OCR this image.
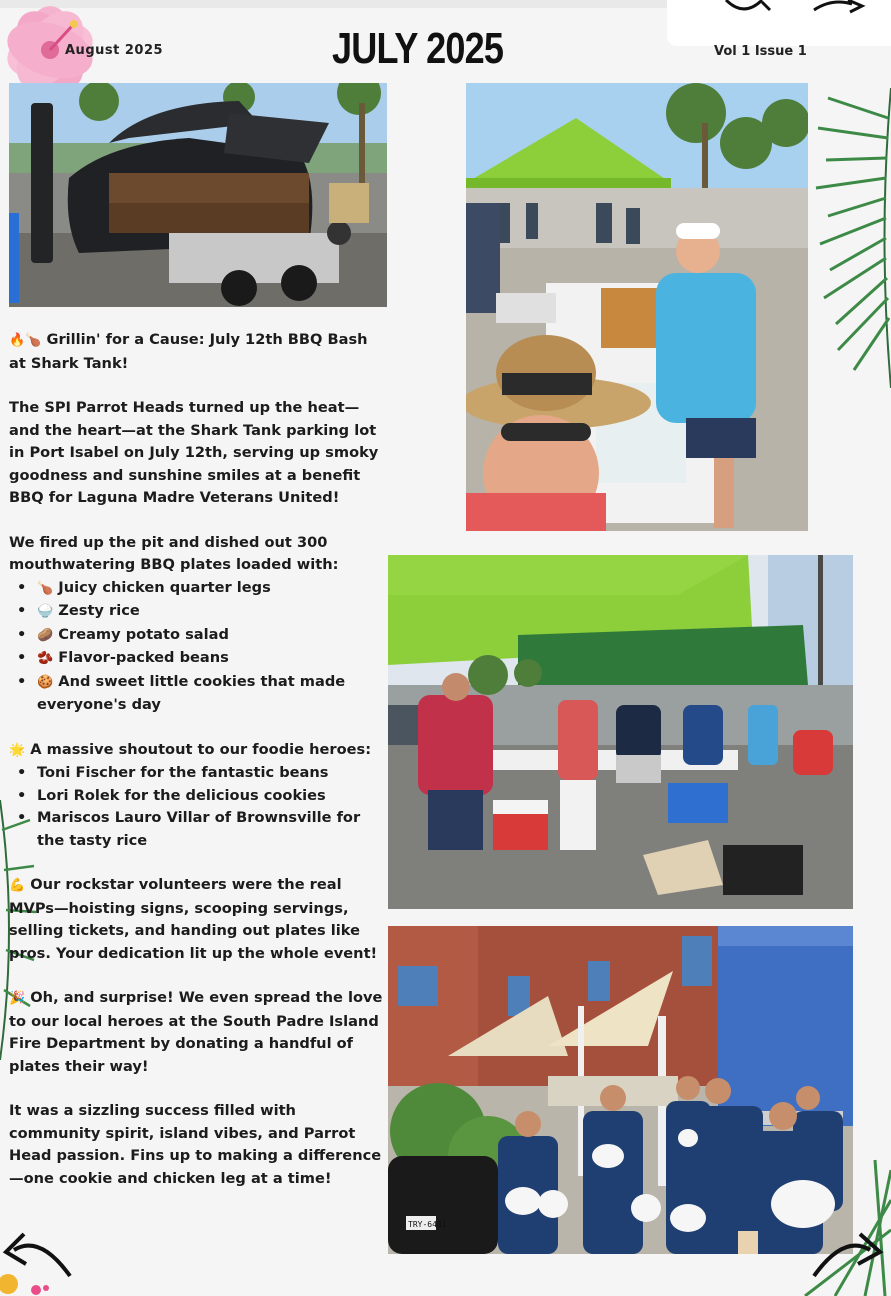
August 2025	JULY 2025	Vol 1 Issue 1

🔥🍗 Grillin' for a Cause: July 12th BBQ Bash at Shark Tank!

The SPI Parrot Heads turned up the heat—and the heart—at the Shark Tank parking lot in Port Isabel on July 12th, serving up smoky goodness and sunshine smiles at a benefit BBQ for Laguna Madre Veterans United!

We fired up the pit and dished out 300 mouthwatering BBQ plates loaded with:

• 🍗 Juicy chicken quarter legs
• 🍚 Zesty rice
• 🥔 Creamy potato salad
• 🫘 Flavor-packed beans
• 🍪 And sweet little cookies that made everyone's day

🌟 A massive shoutout to our foodie heroes:

• Toni Fischer for the fantastic beans
• Lori Rolek for the delicious cookies
• Mariscos Lauro Villar of Brownsville for the tasty rice

💪 Our rockstar volunteers were the real MVPs—hoisting signs, scooping servings, selling tickets, and handing out plates like pros. Your dedication lit up the whole event!

🎉 Oh, and surprise! We even spread the love to our local heroes at the South Padre Island Fire Department by donating a handful of plates their way!

It was a sizzling success filled with community spirit, island vibes, and Parrot Head passion. Fins up to making a difference—one cookie and chicken leg at a time!

TRY-6401
